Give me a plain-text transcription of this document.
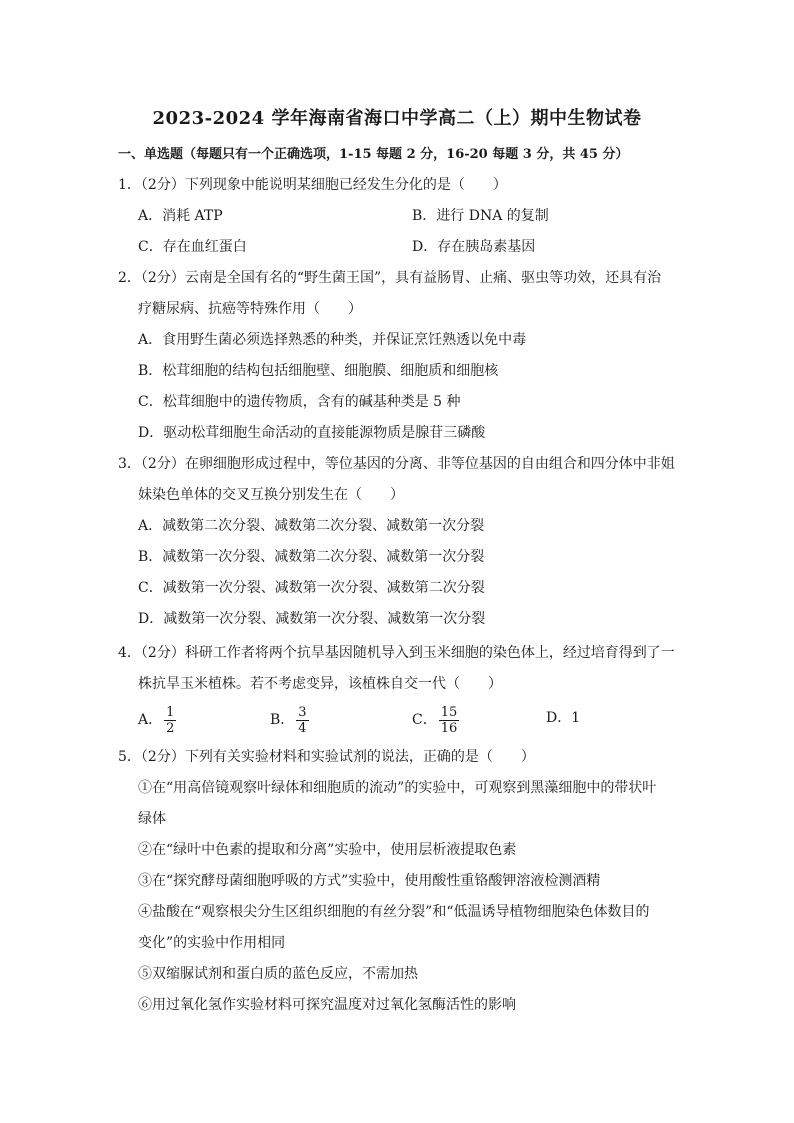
2023-2024 学年海南省海口中学高二（上）期中生物试卷
一、单选题（每题只有一个正确选项，1-15 每题 2 分，16-20 每题 3 分，共 45 分）
1．（2分）下列现象中能说明某细胞已经发生分化的是（　　）
A．消耗 ATP	B．进行 DNA 的复制
C．存在血红蛋白	D．存在胰岛素基因
2．（2分）云南是全国有名的“野生菌王国”，具有益肠胃、止痛、驱虫等功效，还具有治
疗糖尿病、抗癌等特殊作用（　　）
A．食用野生菌必须选择熟悉的种类，并保证烹饪熟透以免中毒
B．松茸细胞的结构包括细胞壁、细胞膜、细胞质和细胞核
C．松茸细胞中的遗传物质，含有的碱基种类是 5 种
D．驱动松茸细胞生命活动的直接能源物质是腺苷三磷酸
3．（2分）在卵细胞形成过程中，等位基因的分离、非等位基因的自由组合和四分体中非姐
妹染色单体的交叉互换分别发生在（　　）
A．减数第二次分裂、减数第二次分裂、减数第一次分裂
B．减数第一次分裂、减数第二次分裂、减数第一次分裂
C．减数第一次分裂、减数第一次分裂、减数第二次分裂
D．减数第一次分裂、减数第一次分裂、减数第一次分裂
4．（2分）科研工作者将两个抗旱基因随机导入到玉米细胞的染色体上，经过培育得到了一
株抗旱玉米植株。若不考虑变异，该植株自交一代（　　）
A． $\frac{1}{2}$	B． $\frac{3}{4}$	C． $\frac{15}{16}$	D．1
5．（2分）下列有关实验材料和实验试剂的说法，正确的是（　　）
①在“用高倍镜观察叶绿体和细胞质的流动”的实验中，可观察到黑藻细胞中的带状叶
绿体
②在“绿叶中色素的提取和分离”实验中，使用层析液提取色素
③在“探究酵母菌细胞呼吸的方式”实验中，使用酸性重铬酸钾溶液检测酒精
④盐酸在“观察根尖分生区组织细胞的有丝分裂”和“低温诱导植物细胞染色体数目的
变化”的实验中作用相同
⑤双缩脲试剂和蛋白质的蓝色反应，不需加热
⑥用过氧化氢作实验材料可探究温度对过氧化氢酶活性的影响
